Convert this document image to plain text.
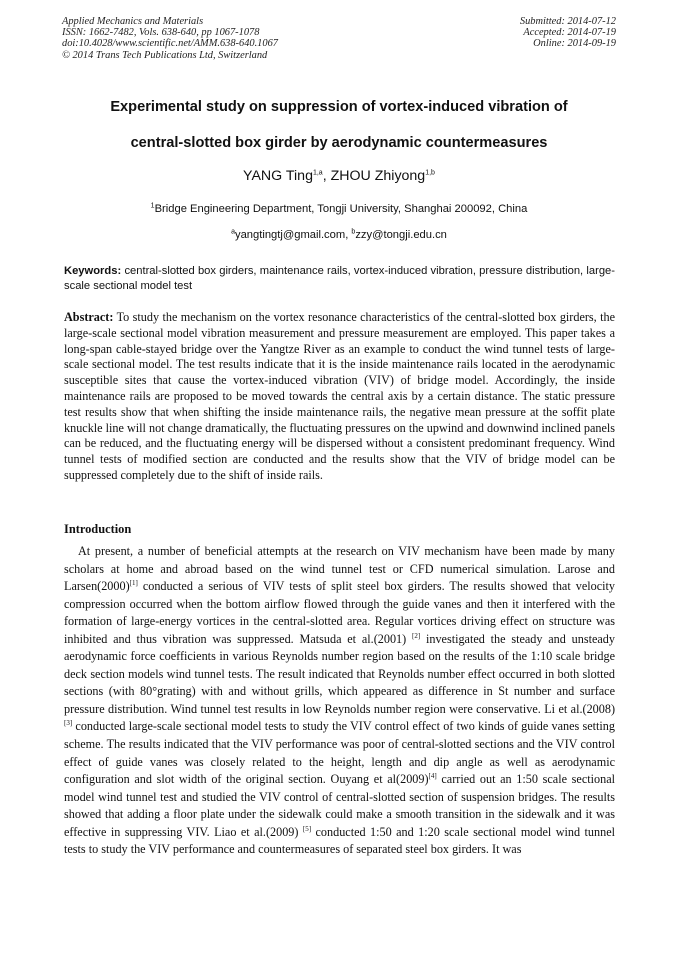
Applied Mechanics and Materials
ISSN: 1662-7482, Vols. 638-640, pp 1067-1078
doi:10.4028/www.scientific.net/AMM.638-640.1067
© 2014 Trans Tech Publications Ltd, Switzerland
Submitted: 2014-07-12
Accepted: 2014-07-19
Online: 2014-09-19
Experimental study on suppression of vortex-induced vibration of
central-slotted box girder by aerodynamic countermeasures
YANG Ting$^{1,a}$, ZHOU Zhiyong$^{1,b}$
$^1$Bridge Engineering Department, Tongji University, Shanghai 200092, China
$^a$yangtingtj@gmail.com, $^b$zzy@tongji.edu.cn
Keywords: central-slotted box girders, maintenance rails, vortex-induced vibration, pressure distribution, large-scale sectional model test
Abstract: To study the mechanism on the vortex resonance characteristics of the central-slotted box girders, the large-scale sectional model vibration measurement and pressure measurement are employed. This paper takes a long-span cable-stayed bridge over the Yangtze River as an example to conduct the wind tunnel tests of large-scale sectional model. The test results indicate that it is the inside maintenance rails located in the aerodynamic susceptible sites that cause the vortex-induced vibration (VIV) of bridge model. Accordingly, the inside maintenance rails are proposed to be moved towards the central axis by a certain distance. The static pressure test results show that when shifting the inside maintenance rails, the negative mean pressure at the soffit plate knuckle line will not change dramatically, the fluctuating pressures on the upwind and downwind inclined panels can be reduced, and the fluctuating energy will be dispersed without a consistent predominant frequency. Wind tunnel tests of modified section are conducted and the results show that the VIV of bridge model can be suppressed completely due to the shift of inside rails.
Introduction
At present, a number of beneficial attempts at the research on VIV mechanism have been made by many scholars at home and abroad based on the wind tunnel test or CFD numerical simulation. Larose and Larsen(2000)[1] conducted a serious of VIV tests of split steel box girders. The results showed that velocity compression occurred when the bottom airflow flowed through the guide vanes and then it interfered with the formation of large-energy vortices in the central-slotted area. Regular vortices driving effect on structure was inhibited and thus vibration was suppressed. Matsuda et al.(2001) [2] investigated the steady and unsteady aerodynamic force coefficients in various Reynolds number region based on the results of the 1:10 scale bridge deck section models wind tunnel tests. The result indicated that Reynolds number effect occurred in both slotted sections (with 80°grating) with and without grills, which appeared as difference in St number and surface pressure distribution. Wind tunnel test results in low Reynolds number region were conservative. Li et al.(2008)[3] conducted large-scale sectional model tests to study the VIV control effect of two kinds of guide vanes setting scheme. The results indicated that the VIV performance was poor of central-slotted sections and the VIV control effect of guide vanes was closely related to the height, length and dip angle as well as aerodynamic configuration and slot width of the original section. Ouyang et al(2009)[4] carried out an 1:50 scale sectional model wind tunnel test and studied the VIV control of central-slotted section of suspension bridges. The results showed that adding a floor plate under the sidewalk could make a smooth transition in the sidewalk and it was effective in suppressing VIV. Liao et al.(2009) [5] conducted 1:50 and 1:20 scale sectional model wind tunnel tests to study the VIV performance and countermeasures of separated steel box girders. It was
